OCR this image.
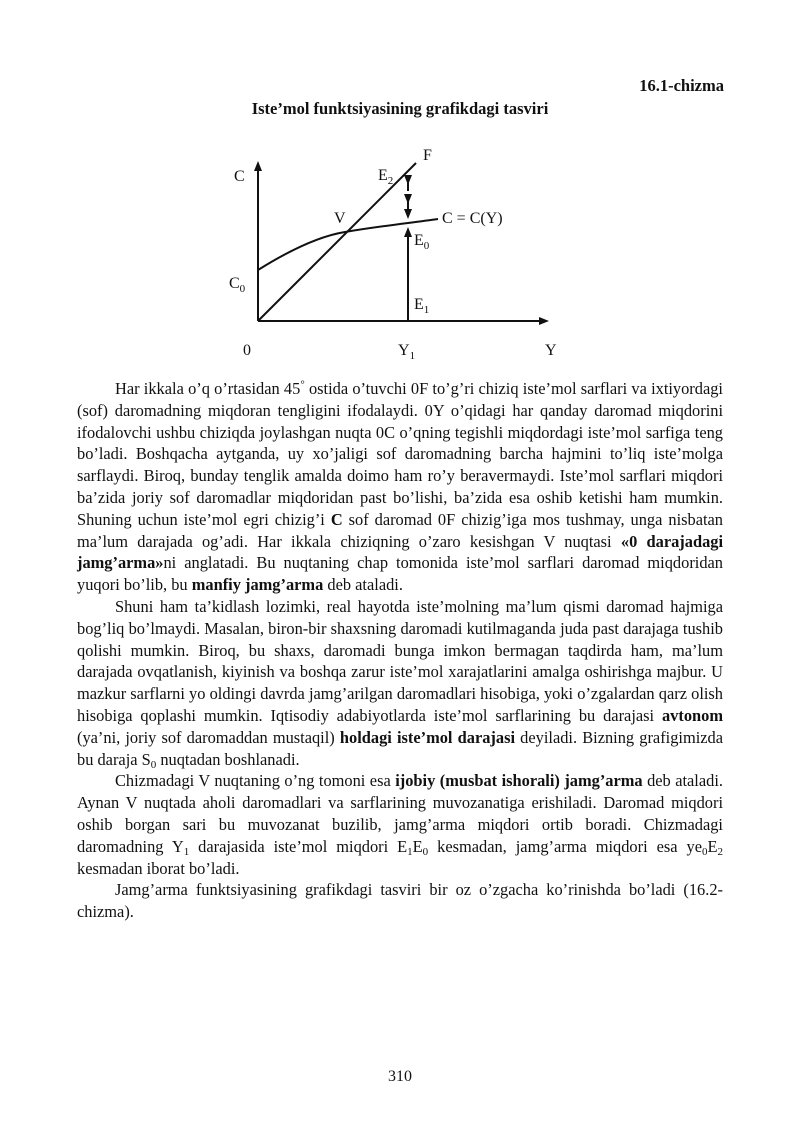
16.1-chizma
Iste’mol funktsiyasining grafikdagi tasviri
C
F
$E_2$
V	C = C(Y)
$E_0$
$C_0$
$E_1$
0	$Y_1$	Y

Har ikkala o’q o’rtasidan 45° ostida o’tuvchi 0F to’g’ri chiziq iste’mol sarflari va ixtiyordagi (sof) daromadning miqdoran tengligini ifodalaydi. 0Y o’qidagi har qanday daromad miqdorini ifodalovchi ushbu chiziqda joylashgan nuqta 0C o’qning tegishli miqdordagi iste’mol sarfiga teng bo’ladi. Boshqacha aytganda, uy xo’jaligi sof daromadning barcha hajmini to’liq iste’molga sarflaydi. Biroq, bunday tenglik amalda doimo ham ro’y beravermaydi. Iste’mol sarflari miqdori ba’zida joriy sof daromadlar miqdoridan past bo’lishi, ba’zida esa oshib ketishi ham mumkin. Shuning uchun iste’mol egri chizig’i C sof daromad 0F chizig’iga mos tushmay, unga nisbatan ma’lum darajada og’adi. Har ikkala chiziqning o’zaro kesishgan V nuqtasi «0 darajadagi jamg’arma»ni anglatadi. Bu nuqtaning chap tomonida iste’mol sarflari daromad miqdoridan yuqori bo’lib, bu manfiy jamg’arma deb ataladi.

Shuni ham ta’kidlash lozimki, real hayotda iste’molning ma’lum qismi daromad hajmiga bog’liq bo’lmaydi. Masalan, biron-bir shaxsning daromadi kutilmaganda juda past darajaga tushib qolishi mumkin. Biroq, bu shaxs, daromadi bunga imkon bermagan taqdirda ham, ma’lum darajada ovqatlanish, kiyinish va boshqa zarur iste’mol xarajatlarini amalga oshirishga majbur. U mazkur sarflarni yo oldingi davrda jamg’arilgan daromadlari hisobiga, yoki o’zgalardan qarz olish hisobiga qoplashi mumkin. Iqtisodiy adabiyotlarda iste’mol sarflarining bu darajasi avtonom (ya’ni, joriy sof daromaddan mustaqil) holdagi iste’mol darajasi deyiladi. Bizning grafigimizda bu daraja $S_0$ nuqtadan boshlanadi.

Chizmadagi V nuqtaning o’ng tomoni esa ijobiy (musbat ishorali) jamg’arma deb ataladi. Aynan V nuqtada aholi daromadlari va sarflarining muvozanatiga erishiladi. Daromad miqdori oshib borgan sari bu muvozanat buzilib, jamg’arma miqdori ortib boradi. Chizmadagi daromadning $Y_1$ darajasida iste’mol miqdori $E_1E_0$ kesmadan, jamg’arma miqdori esa $ye_0E_2$ kesmadan iborat bo’ladi.

Jamg’arma funktsiyasining grafikdagi tasviri bir oz o’zgacha ko’rinishda bo’ladi (16.2-chizma).

310
